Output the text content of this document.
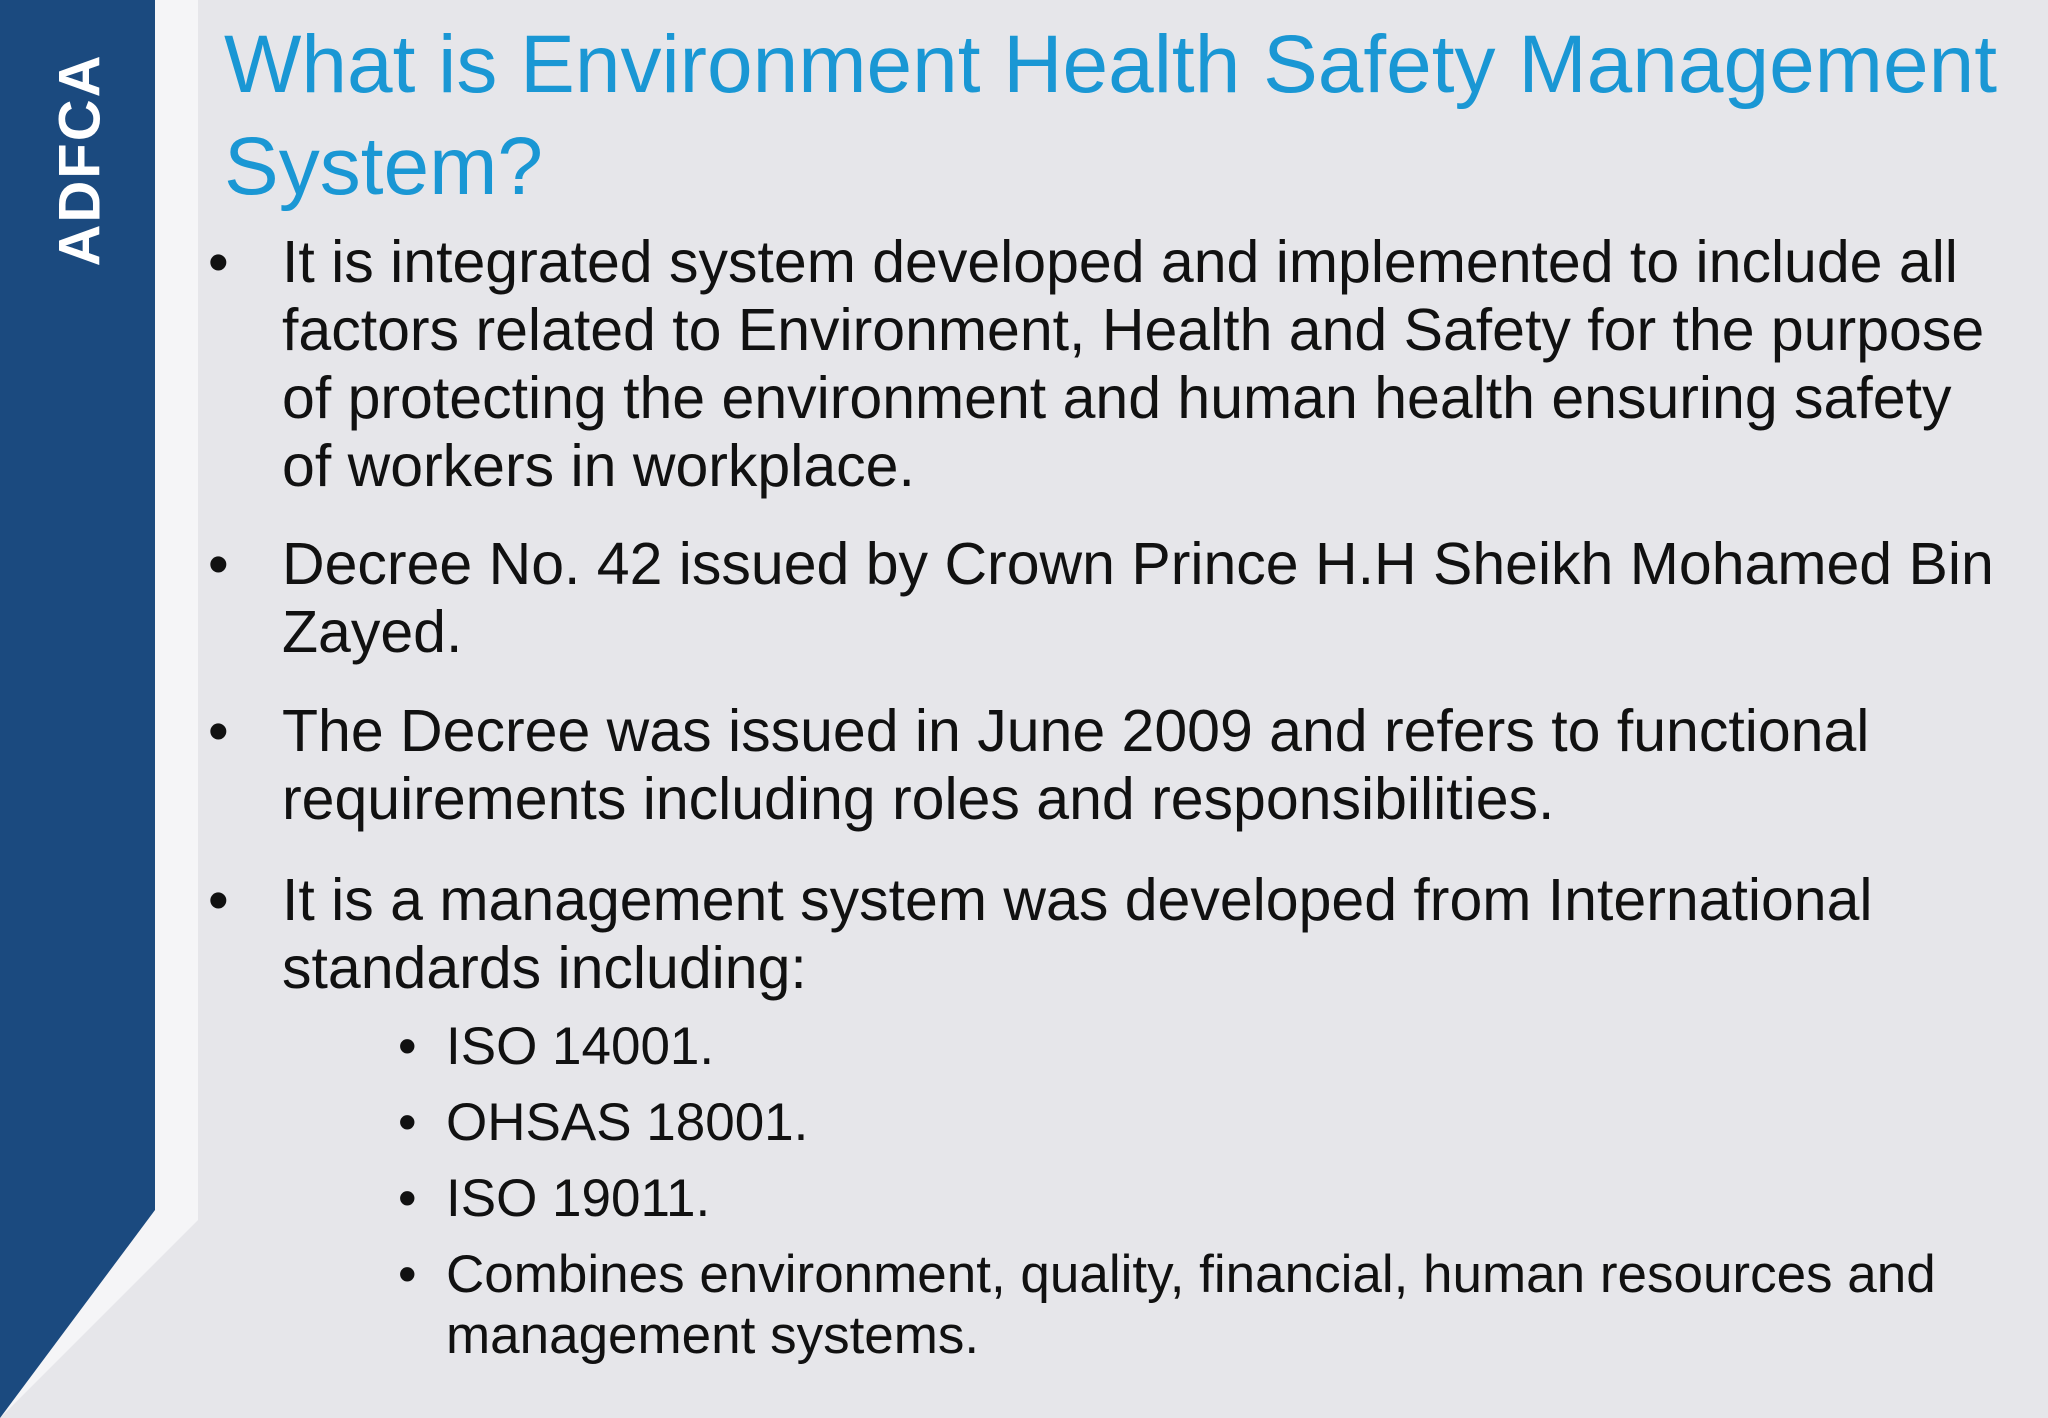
ADFCA What is Environment Health Safety Management System?
• It is integrated system developed and implemented to include all factors related to Environment, Health and Safety for the purpose of protecting the environment and human health ensuring safety of workers in workplace.
• Decree No. 42 issued by Crown Prince H.H Sheikh Mohamed Bin Zayed.
• The Decree was issued in June 2009 and refers to functional requirements including roles and responsibilities.
• It is a management system was developed from International standards including:
• ISO 14001.
• OHSAS 18001.
• ISO 19011.
• Combines environment, quality, financial, human resources and management systems.
